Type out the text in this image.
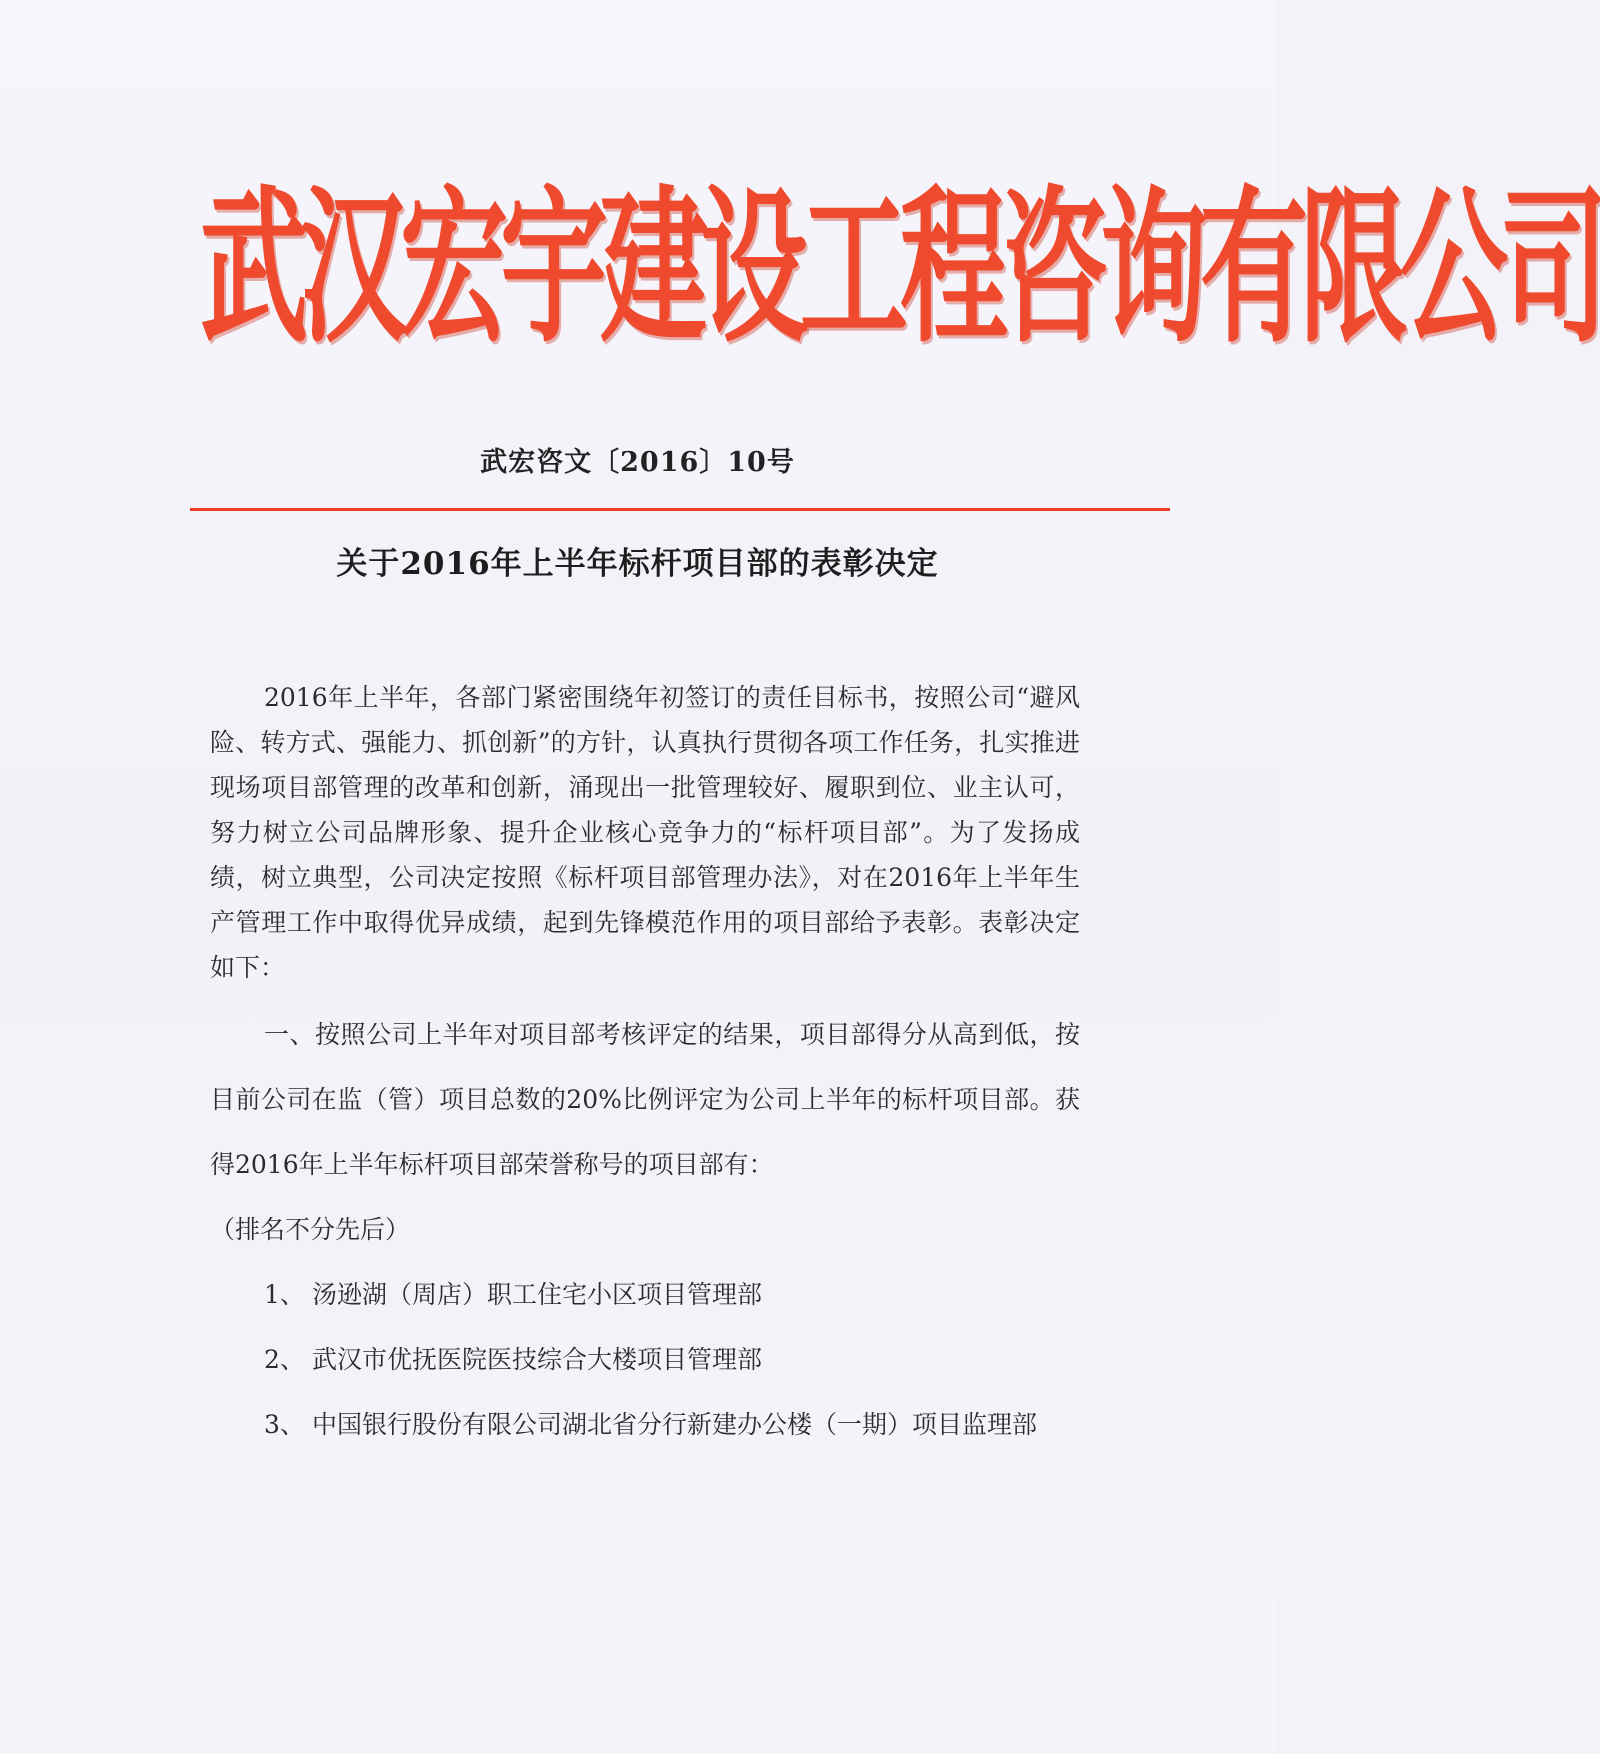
武汉宏宇建设工程咨询有限公司
武宏咨文〔2016〕10号
关于2016年上半年标杆项目部的表彰决定

2016年上半年，各部门紧密围绕年初签订的责任目标书，按照公司“避风险、转方式、强能力、抓创新”的方针，认真执行贯彻各项工作任务，扎实推进现场项目部管理的改革和创新，涌现出一批管理较好、履职到位、业主认可，努力树立公司品牌形象、提升企业核心竞争力的“标杆项目部”。为了发扬成绩，树立典型，公司决定按照《标杆项目部管理办法》，对在2016年上半年生产管理工作中取得优异成绩，起到先锋模范作用的项目部给予表彰。表彰决定如下：

一、按照公司上半年对项目部考核评定的结果，项目部得分从高到低，按目前公司在监（管）项目总数的20%比例评定为公司上半年的标杆项目部。获得2016年上半年标杆项目部荣誉称号的项目部有：

（排名不分先后）

1、 汤逊湖（周店）职工住宅小区项目管理部
2、 武汉市优抚医院医技综合大楼项目管理部
3、 中国银行股份有限公司湖北省分行新建办公楼（一期）项目监理部
